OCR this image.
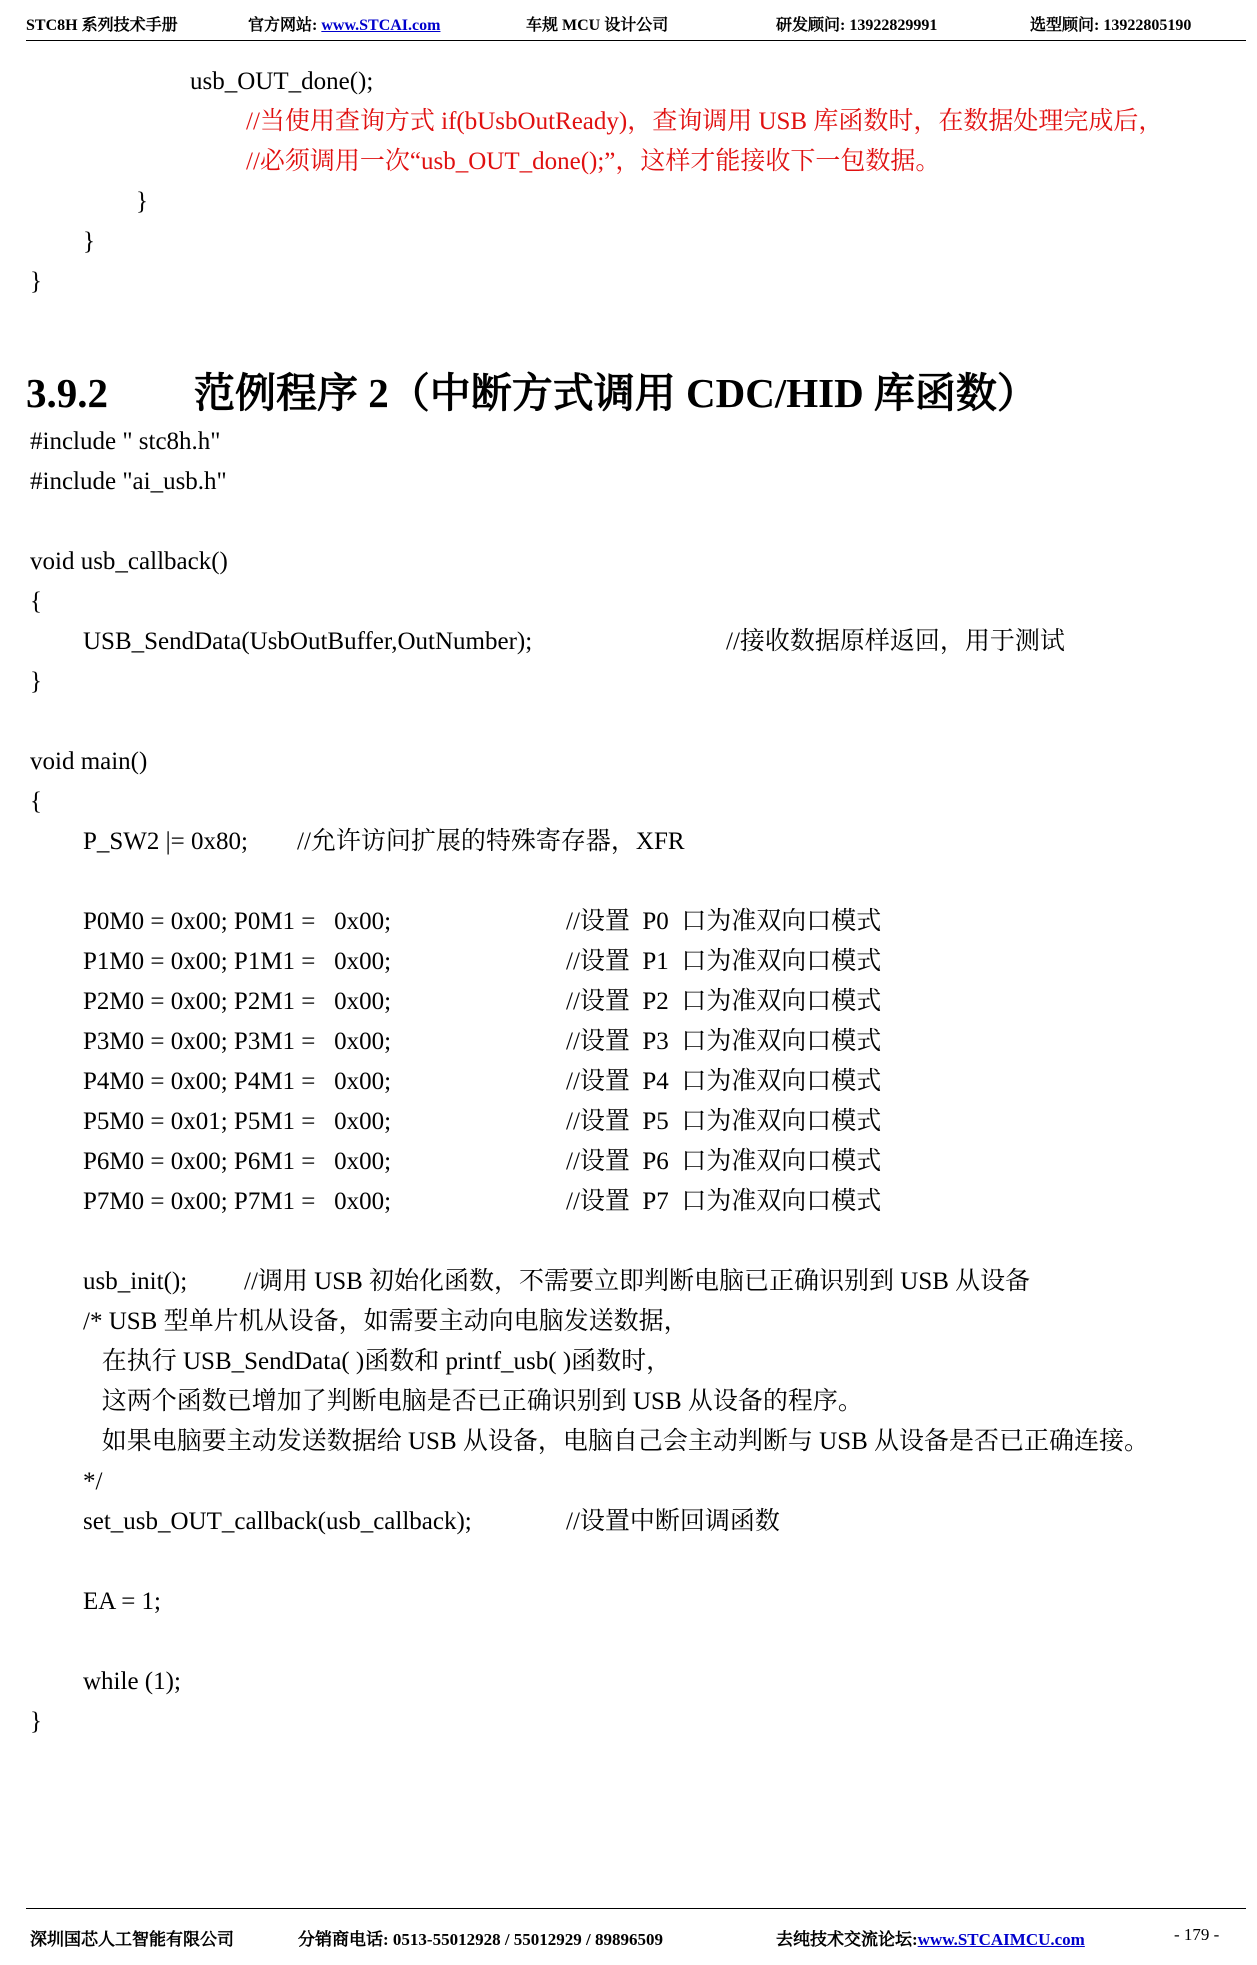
STC8H 系列技术手册	官方网站: www.STCAI.com	车规 MCU 设计公司	研发顾问: 13922829991	选型顾问: 13922805190
usb_OUT_done();
//当使用查询方式 if(bUsbOutReady)，查询调用 USB 库函数时，在数据处理完成后，
//必须调用一次“usb_OUT_done();”，这样才能接收下一包数据。
}
}
}
3.9.2 范例程序 2（中断方式调用 CDC/HID 库函数）
#include " stc8h.h"
#include "ai_usb.h"
void usb_callback()
{
USB_SendData(UsbOutBuffer,OutNumber);	//接收数据原样返回，用于测试
}
void main()
{
P_SW2 |= 0x80; //允许访问扩展的特殊寄存器，XFR
P0M0 = 0x00; P0M1 =   0x00;	//设置  P0  口为准双向口模式
P1M0 = 0x00; P1M1 =   0x00;	//设置  P1  口为准双向口模式
P2M0 = 0x00; P2M1 =   0x00;	//设置  P2  口为准双向口模式
P3M0 = 0x00; P3M1 =   0x00;	//设置  P3  口为准双向口模式
P4M0 = 0x00; P4M1 =   0x00;	//设置  P4  口为准双向口模式
P5M0 = 0x01; P5M1 =   0x00;	//设置  P5  口为准双向口模式
P6M0 = 0x00; P6M1 =   0x00;	//设置  P6  口为准双向口模式
P7M0 = 0x00; P7M1 =   0x00;	//设置  P7  口为准双向口模式
usb_init(); //调用 USB 初始化函数，不需要立即判断电脑已正确识别到 USB 从设备
/* USB 型单片机从设备，如需要主动向电脑发送数据，
在执行 USB_SendData( )函数和 printf_usb( )函数时，
这两个函数已增加了判断电脑是否已正确识别到 USB 从设备的程序。
如果电脑要主动发送数据给 USB 从设备，电脑自己会主动判断与 USB 从设备是否已正确连接。
*/
set_usb_OUT_callback(usb_callback);	//设置中断回调函数
EA = 1;
while (1);
}
深圳国芯人工智能有限公司	分销商电话: 0513-55012928 / 55012929 / 89896509	去纯技术交流论坛:www.STCAIMCU.com	- 179 -
